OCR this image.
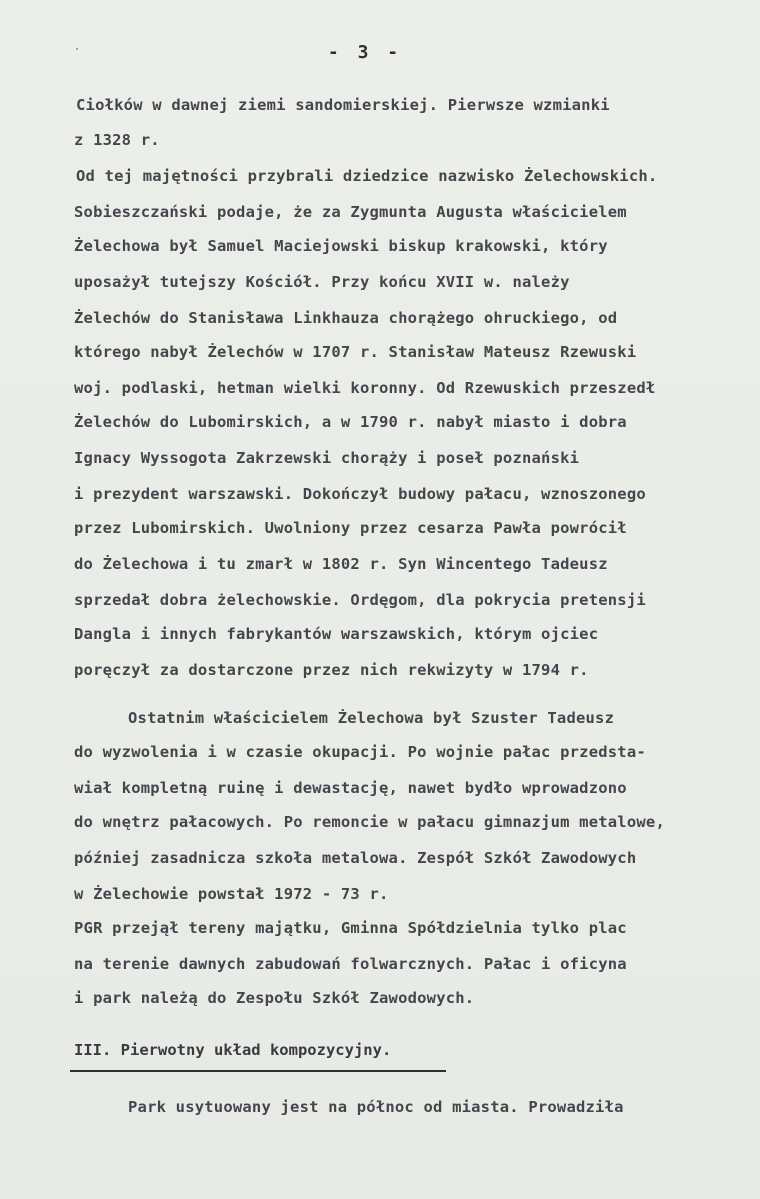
- 3 -
Ciołków w dawnej ziemi sandomierskiej. Pierwsze wzmianki
z 1328 r.
Od tej majętności przybrali dziedzice nazwisko Żelechowskich.
Sobieszczański podaje, że za Zygmunta Augusta właścicielem
Żelechowa był Samuel Maciejowski biskup krakowski, który
uposażył tutejszy Kościół. Przy końcu XVII w. należy
Żelechów do Stanisława Linkhauza chorążego ohruckiego, od
którego nabył Żelechów w 1707 r. Stanisław Mateusz Rzewuski
woj. podlaski, hetman wielki koronny. Od Rzewuskich przeszedł
Żelechów do Lubomirskich, a w 1790 r. nabył miasto i dobra
Ignacy Wyssogota Zakrzewski chorąży i poseł poznański
i prezydent warszawski. Dokończył budowy pałacu, wznoszonego
przez Lubomirskich. Uwolniony przez cesarza Pawła powrócił
do Żelechowa i tu zmarł w 1802 r. Syn Wincentego Tadeusz
sprzedał dobra żelechowskie. Ordęgom, dla pokrycia pretensji
Dangla i innych fabrykantów warszawskich, którym ojciec
poręczył za dostarczone przez nich rekwizyty w 1794 r.
Ostatnim właścicielem Żelechowa był Szuster Tadeusz
do wyzwolenia i w czasie okupacji. Po wojnie pałac przedsta-
wiał kompletną ruinę i dewastację, nawet bydło wprowadzono
do wnętrz pałacowych. Po remoncie w pałacu gimnazjum metalowe,
później zasadnicza szkoła metalowa. Zespół Szkół Zawodowych
w Żelechowie powstał 1972 - 73 r.
PGR przejął tereny majątku, Gminna Spółdzielnia tylko plac
na terenie dawnych zabudowań folwarcznych. Pałac i oficyna
i park należą do Zespołu Szkół Zawodowych.
III. Pierwotny układ kompozycyjny.
Park usytuowany jest na północ od miasta. Prowadziła
